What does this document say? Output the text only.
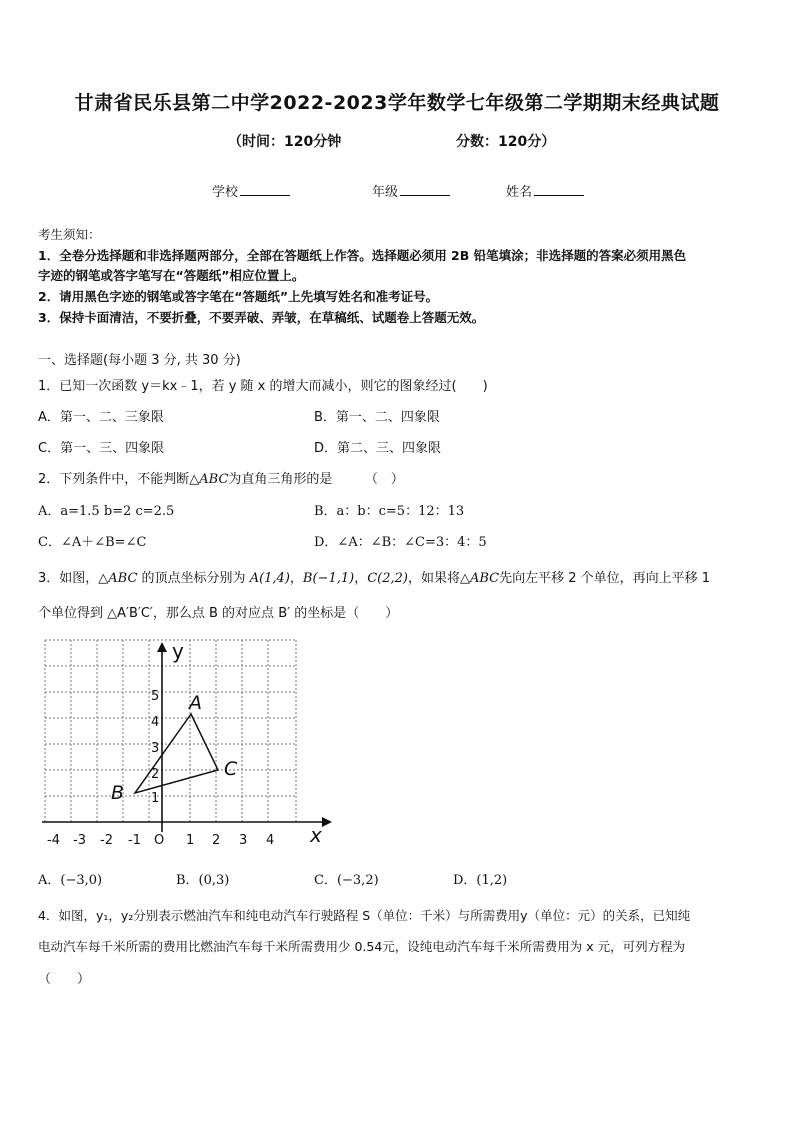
甘肃省民乐县第二中学2022-2023学年数学七年级第二学期期末经典试题
（时间：120分钟	分数：120分）
学校	年级	姓名
考生须知：
1．全卷分选择题和非选择题两部分，全部在答题纸上作答。选择题必须用 2B 铅笔填涂；非选择题的答案必须用黑色
字迹的钢笔或答字笔写在“答题纸”相应位置上。
2．请用黑色字迹的钢笔或答字笔在“答题纸”上先填写姓名和准考证号。
3．保持卡面清洁，不要折叠，不要弄破、弄皱，在草稿纸、试题卷上答题无效。
一、选择题(每小题 3 分, 共 30 分)
1．已知一次函数 y＝kx﹣1，若 y 随 x 的增大而减小，则它的图象经过(　　)
A．第一、二、三象限	B．第一、二、四象限
C．第一、三、四象限	D．第二、三、四象限
2．下列条件中，不能判断△ABC为直角三角形的是　　　（　）
A．a=1.5 b=2 c=2.5	B．a：b：c=5：12：13
C．∠A＋∠B=∠C	D．∠A：∠B：∠C=3：4：5
3．如图，△ABC 的顶点坐标分别为 A(1,4)，B(−1,1)，C(2,2)，如果将△ABC先向左平移 2 个单位，再向上平移 1
个单位得到 △A′B′C′，那么点 B 的对应点 B′ 的坐标是（　　）
y
x
O
-4 -3 -2 -1	1 2 3 4
1
2
3
4
5 A
B
C
A．(−3,0)	B．(0,3)	C．(−3,2)	D．(1,2)
4．如图，y₁，y₂分别表示燃油汽车和纯电动汽车行驶路程 S（单位：千米）与所需费用y（单位：元）的关系，已知纯
电动汽车每千米所需的费用比燃油汽车每千米所需费用少 0.54元，设纯电动汽车每千米所需费用为 x 元，可列方程为
（　　）
